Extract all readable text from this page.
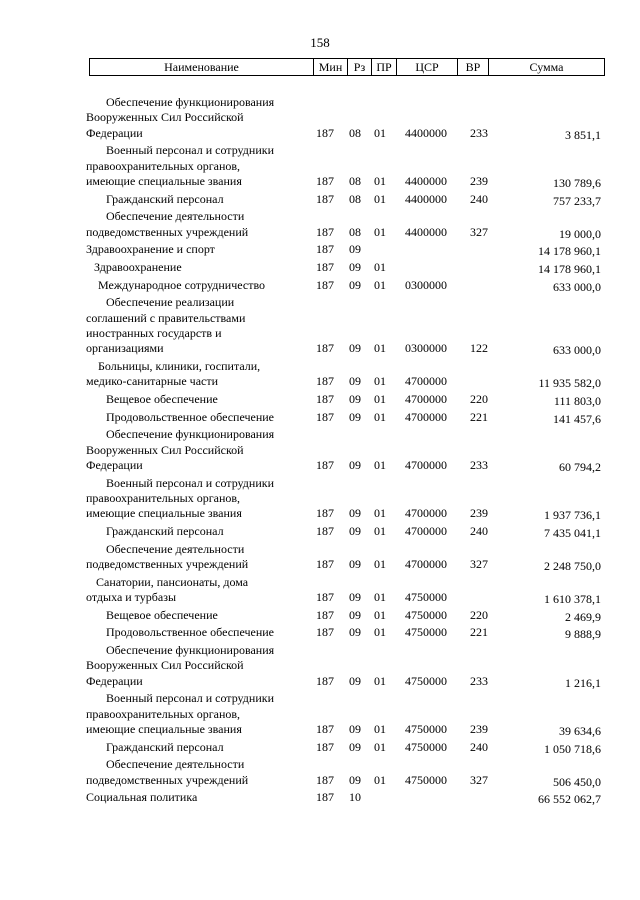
158
Наименование	Мин Рз ПР	ЦСР	ВР	Сумма
Обеспечение функционирования
Вооруженных Сил Российской
Федерации	187 08 01 4400000 233	3 851,1
Военный персонал и сотрудники
правоохранительных органов,
имеющие специальные звания	187 08 01 4400000 239	130 789,6
Гражданский персонал	187 08 01 4400000 240	757 233,7
Обеспечение деятельности
подведомственных учреждений	187 08 01 4400000 327	19 000,0
Здравоохранение и спорт	187 09	14 178 960,1
Здравоохранение	187 09 01	14 178 960,1
Международное сотрудничество	187 09 01 0300000	633 000,0
Обеспечение реализации
соглашений с правительствами
иностранных государств и
организациями	187 09 01 0300000 122	633 000,0
Больницы, клиники, госпитали,
медико-санитарные части	187 09 01 4700000	11 935 582,0
Вещевое обеспечение	187 09 01 4700000 220	111 803,0
Продовольственное обеспечение	187 09 01 4700000 221	141 457,6
Обеспечение функционирования
Вооруженных Сил Российской
Федерации	187 09 01 4700000 233	60 794,2
Военный персонал и сотрудники
правоохранительных органов,
имеющие специальные звания	187 09 01 4700000 239	1 937 736,1
Гражданский персонал	187 09 01 4700000 240	7 435 041,1
Обеспечение деятельности
подведомственных учреждений	187 09 01 4700000 327	2 248 750,0
Санатории, пансионаты, дома
отдыха и турбазы	187 09 01 4750000	1 610 378,1
Вещевое обеспечение	187 09 01 4750000 220	2 469,9
Продовольственное обеспечение	187 09 01 4750000 221	9 888,9
Обеспечение функционирования
Вооруженных Сил Российской
Федерации	187 09 01 4750000 233	1 216,1
Военный персонал и сотрудники
правоохранительных органов,
имеющие специальные звания	187 09 01 4750000 239	39 634,6
Гражданский персонал	187 09 01 4750000 240	1 050 718,6
Обеспечение деятельности
подведомственных учреждений	187 09 01 4750000 327	506 450,0
Социальная политика	187 10	66 552 062,7
